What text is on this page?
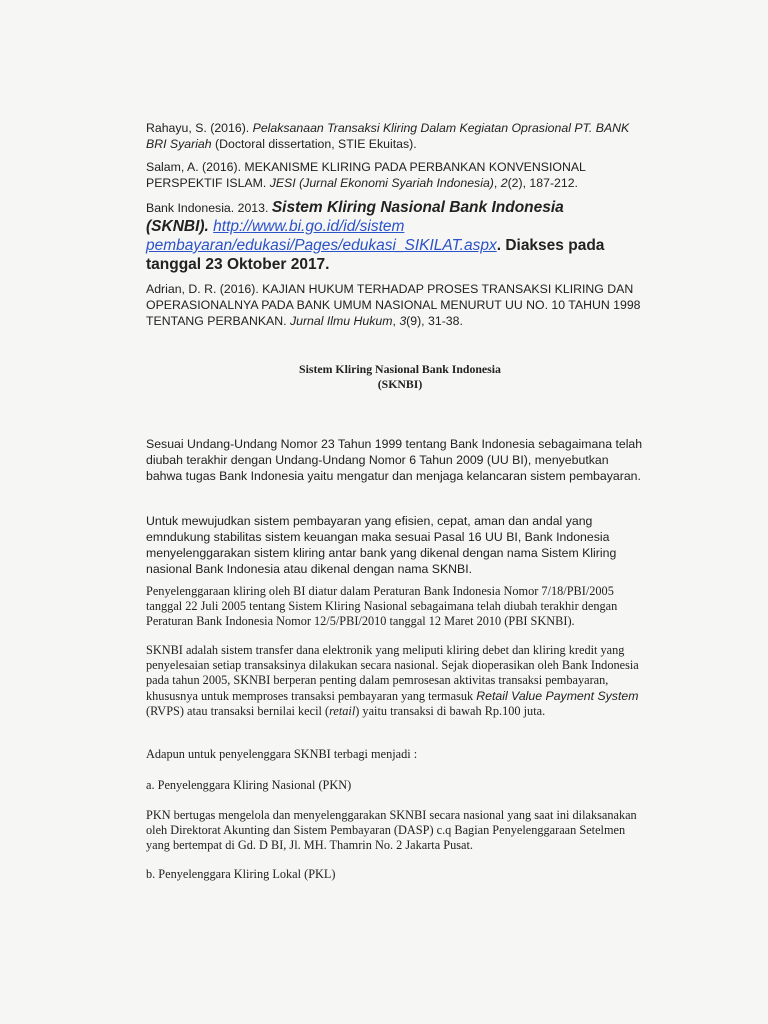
Rahayu, S. (2016). Pelaksanaan Transaksi Kliring Dalam Kegiatan Oprasional PT. BANK BRI Syariah (Doctoral dissertation, STIE Ekuitas).

Salam, A. (2016). MEKANISME KLIRING PADA PERBANKAN KONVENSIONAL PERSPEKTIF ISLAM. JESI (Jurnal Ekonomi Syariah Indonesia), 2(2), 187-212.

Bank Indonesia. 2013. Sistem Kliring Nasional Bank Indonesia (SKNBI). http://www.bi.go.id/id/sistem pembayaran/edukasi/Pages/edukasi_SIKILAT.aspx. Diakses pada tanggal 23 Oktober 2017.

Adrian, D. R. (2016). KAJIAN HUKUM TERHADAP PROSES TRANSAKSI KLIRING DAN OPERASIONALNYA PADA BANK UMUM NASIONAL MENURUT UU NO. 10 TAHUN 1998 TENTANG PERBANKAN. Jurnal Ilmu Hukum, 3(9), 31-38.

Sistem Kliring Nasional Bank Indonesia
(SKNBI)

Sesuai Undang-Undang Nomor 23 Tahun 1999 tentang Bank Indonesia sebagaimana telah diubah terakhir dengan Undang-Undang Nomor 6 Tahun 2009 (UU BI), menyebutkan bahwa tugas Bank Indonesia yaitu mengatur dan menjaga kelancaran sistem pembayaran.

Untuk mewujudkan sistem pembayaran yang efisien, cepat, aman dan andal yang emndukung stabilitas sistem keuangan maka sesuai Pasal 16 UU BI, Bank Indonesia menyelenggarakan sistem kliring antar bank yang dikenal dengan nama Sistem Kliring nasional Bank Indonesia atau dikenal dengan nama SKNBI.

Penyelenggaraan kliring oleh BI diatur dalam Peraturan Bank Indonesia Nomor 7/18/PBI/2005 tanggal 22 Juli 2005 tentang Sistem Kliring Nasional sebagaimana telah diubah terakhir dengan Peraturan Bank Indonesia Nomor 12/5/PBI/2010 tanggal 12 Maret 2010 (PBI SKNBI).

SKNBI adalah sistem transfer dana elektronik yang meliputi kliring debet dan kliring kredit yang penyelesaian setiap transaksinya dilakukan secara nasional. Sejak dioperasikan oleh Bank Indonesia pada tahun 2005, SKNBI berperan penting dalam pemrosesan aktivitas transaksi pembayaran, khususnya untuk memproses transaksi pembayaran yang termasuk Retail Value Payment System (RVPS) atau transaksi bernilai kecil (retail) yaitu transaksi di bawah Rp.100 juta.

Adapun untuk penyelenggara SKNBI terbagi menjadi :

a. Penyelenggara Kliring Nasional (PKN)

PKN bertugas mengelola dan menyelenggarakan SKNBI secara nasional yang saat ini dilaksanakan oleh Direktorat Akunting dan Sistem Pembayaran (DASP) c.q Bagian Penyelenggaraan Setelmen yang bertempat di Gd. D BI, Jl. MH. Thamrin No. 2 Jakarta Pusat.

b. Penyelenggara Kliring Lokal (PKL)
